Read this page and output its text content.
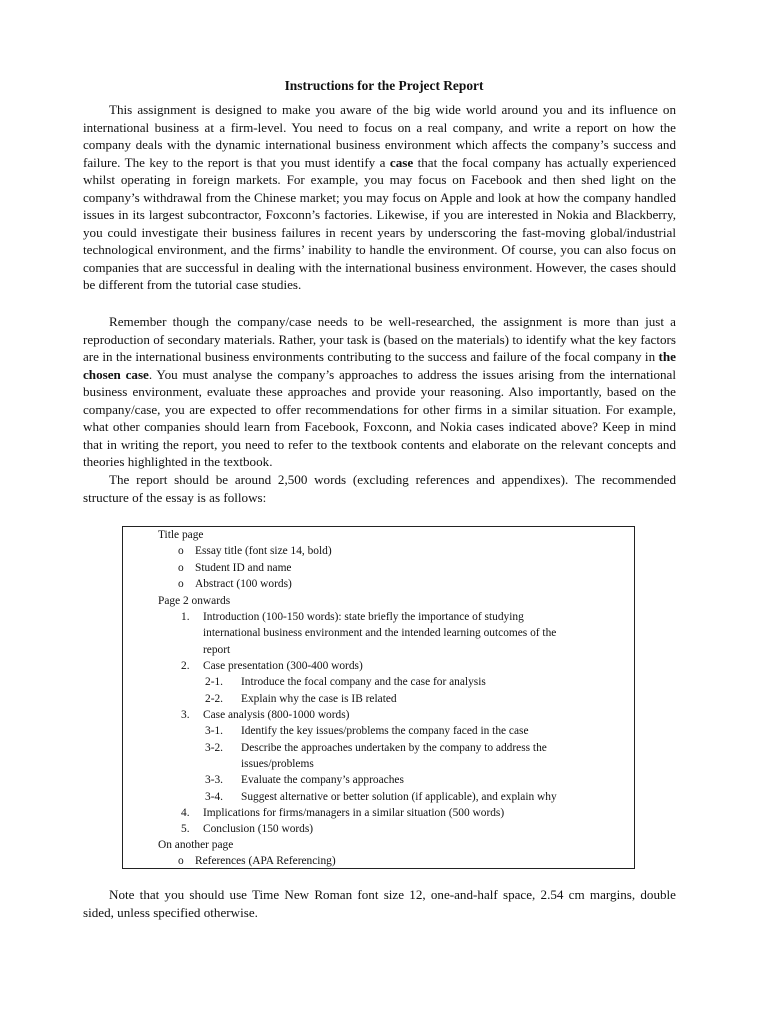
Instructions for the Project Report

This assignment is designed to make you aware of the big wide world around you and its influence on international business at a firm-level. You need to focus on a real company, and write a report on how the company deals with the dynamic international business environment which affects the company’s success and failure. The key to the report is that you must identify a case that the focal company has actually experienced whilst operating in foreign markets. For example, you may focus on Facebook and then shed light on the company’s withdrawal from the Chinese market; you may focus on Apple and look at how the company handled issues in its largest subcontractor, Foxconn’s factories. Likewise, if you are interested in Nokia and Blackberry, you could investigate their business failures in recent years by underscoring the fast-moving global/industrial technological environment, and the firms’ inability to handle the environment. Of course, you can also focus on companies that are successful in dealing with the international business environment. However, the cases should be different from the tutorial case studies.

Remember though the company/case needs to be well-researched, the assignment is more than just a reproduction of secondary materials. Rather, your task is (based on the materials) to identify what the key factors are in the international business environments contributing to the success and failure of the focal company in the chosen case. You must analyse the company’s approaches to address the issues arising from the international business environment, evaluate these approaches and provide your reasoning. Also importantly, based on the company/case, you are expected to offer recommendations for other firms in a similar situation. For example, what other companies should learn from Facebook, Foxconn, and Nokia cases indicated above? Keep in mind that in writing the report, you need to refer to the textbook contents and elaborate on the relevant concepts and theories highlighted in the textbook.

The report should be around 2,500 words (excluding references and appendixes). The recommended structure of the essay is as follows:

Title page
o Essay title (font size 14, bold)
o Student ID and name
o Abstract (100 words)
Page 2 onwards
1. Introduction (100-150 words): state briefly the importance of studying
international business environment and the intended learning outcomes of the
report
2. Case presentation (300-400 words)
2-1. Introduce the focal company and the case for analysis
2-2. Explain why the case is IB related
3. Case analysis (800-1000 words)
3-1. Identify the key issues/problems the company faced in the case
3-2. Describe the approaches undertaken by the company to address the
issues/problems
3-3. Evaluate the company’s approaches
3-4. Suggest alternative or better solution (if applicable), and explain why
4. Implications for firms/managers in a similar situation (500 words)
5. Conclusion (150 words)
On another page
o References (APA Referencing)

Note that you should use Time New Roman font size 12, one-and-half space, 2.54 cm margins, double sided, unless specified otherwise.
